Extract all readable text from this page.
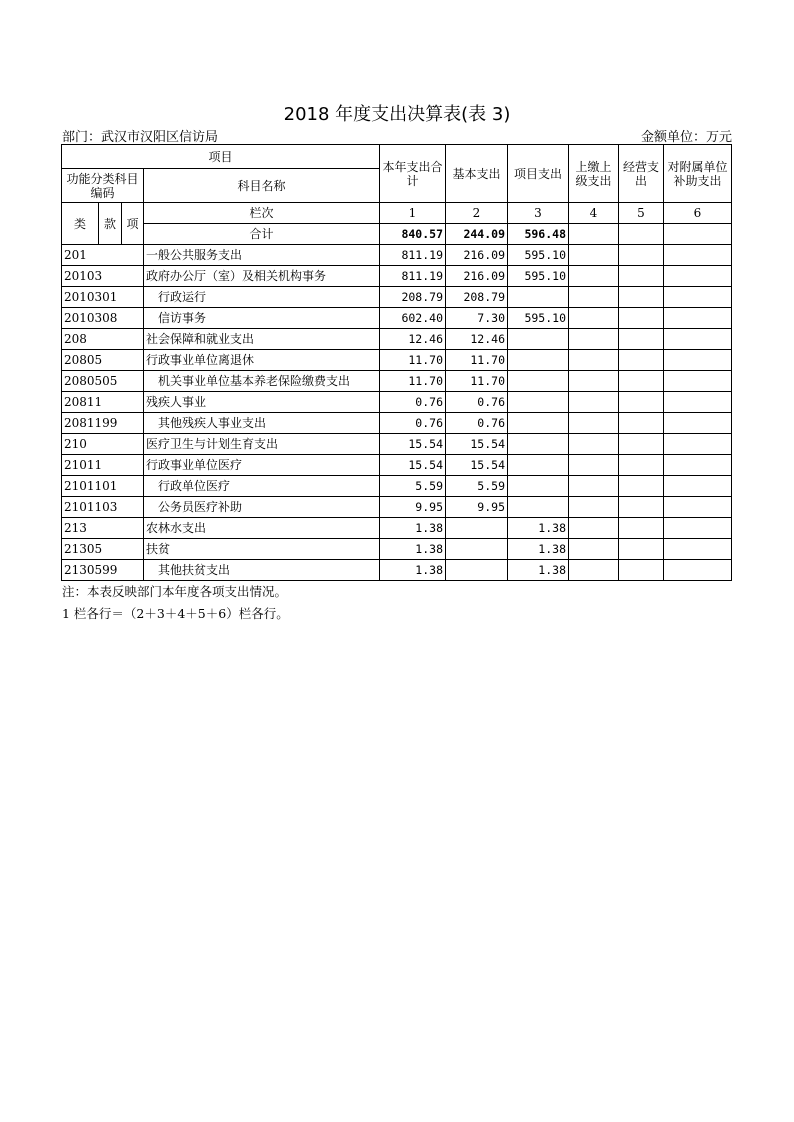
2018 年度支出决算表(表 3)
部门：武汉市汉阳区信访局	金额单位：万元
项目				本年支出合计	基本支出	项目支出	上缴上级支出	经营支出	对附属单位补助支出
功能分类科目编码			科目名称						
类	款	项	栏次	1	2	3	4	5	6
			合计	840.57	244.09	596.48			
201			一般公共服务支出	811.19	216.09	595.10			
20103			政府办公厅（室）及相关机构事务	811.19	216.09	595.10			
2010301			行政运行	208.79	208.79				
2010308			信访事务	602.40	7.30	595.10			
208			社会保障和就业支出	12.46	12.46				
20805			行政事业单位离退休	11.70	11.70				
2080505			机关事业单位基本养老保险缴费支出	11.70	11.70				
20811			残疾人事业	0.76	0.76				
2081199			其他残疾人事业支出	0.76	0.76				
210			医疗卫生与计划生育支出	15.54	15.54				
21011			行政事业单位医疗	15.54	15.54				
2101101			行政单位医疗	5.59	5.59				
2101103			公务员医疗补助	9.95	9.95				
213			农林水支出	1.38		1.38			
21305			扶贫	1.38		1.38			
2130599			其他扶贫支出	1.38		1.38			
注：本表反映部门本年度各项支出情况。
1 栏各行＝（2＋3＋4＋5＋6）栏各行。
